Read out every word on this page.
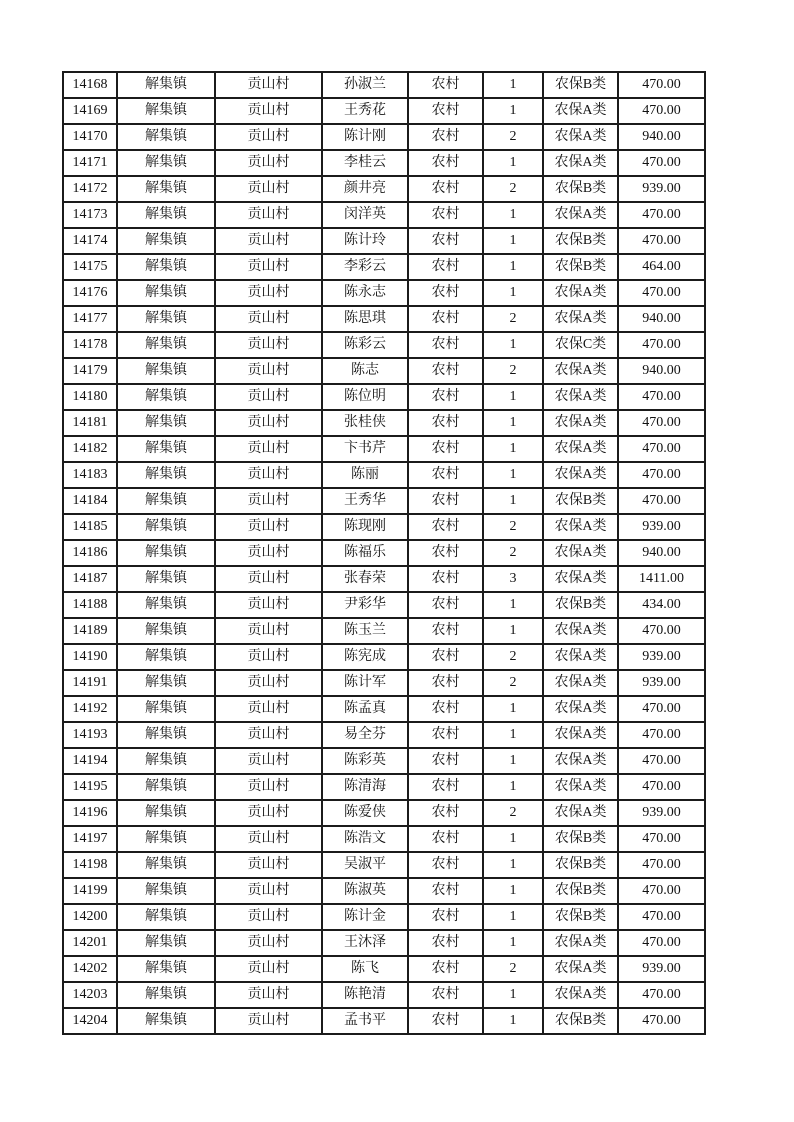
14168	解集镇	贡山村	孙淑兰	农村	1	农保B类	470.00
14169	解集镇	贡山村	王秀花	农村	1	农保A类	470.00
14170	解集镇	贡山村	陈计刚	农村	2	农保A类	940.00
14171	解集镇	贡山村	李桂云	农村	1	农保A类	470.00
14172	解集镇	贡山村	颜井亮	农村	2	农保B类	939.00
14173	解集镇	贡山村	闵洋英	农村	1	农保A类	470.00
14174	解集镇	贡山村	陈计玲	农村	1	农保B类	470.00
14175	解集镇	贡山村	李彩云	农村	1	农保B类	464.00
14176	解集镇	贡山村	陈永志	农村	1	农保A类	470.00
14177	解集镇	贡山村	陈思琪	农村	2	农保A类	940.00
14178	解集镇	贡山村	陈彩云	农村	1	农保C类	470.00
14179	解集镇	贡山村	陈志	农村	2	农保A类	940.00
14180	解集镇	贡山村	陈位明	农村	1	农保A类	470.00
14181	解集镇	贡山村	张桂侠	农村	1	农保A类	470.00
14182	解集镇	贡山村	卞书芹	农村	1	农保A类	470.00
14183	解集镇	贡山村	陈丽	农村	1	农保A类	470.00
14184	解集镇	贡山村	王秀华	农村	1	农保B类	470.00
14185	解集镇	贡山村	陈现刚	农村	2	农保A类	939.00
14186	解集镇	贡山村	陈福乐	农村	2	农保A类	940.00
14187	解集镇	贡山村	张春荣	农村	3	农保A类	1411.00
14188	解集镇	贡山村	尹彩华	农村	1	农保B类	434.00
14189	解集镇	贡山村	陈玉兰	农村	1	农保A类	470.00
14190	解集镇	贡山村	陈宪成	农村	2	农保A类	939.00
14191	解集镇	贡山村	陈计军	农村	2	农保A类	939.00
14192	解集镇	贡山村	陈孟真	农村	1	农保A类	470.00
14193	解集镇	贡山村	易全芬	农村	1	农保A类	470.00
14194	解集镇	贡山村	陈彩英	农村	1	农保A类	470.00
14195	解集镇	贡山村	陈清海	农村	1	农保A类	470.00
14196	解集镇	贡山村	陈爱侠	农村	2	农保A类	939.00
14197	解集镇	贡山村	陈浩文	农村	1	农保B类	470.00
14198	解集镇	贡山村	吴淑平	农村	1	农保B类	470.00
14199	解集镇	贡山村	陈淑英	农村	1	农保B类	470.00
14200	解集镇	贡山村	陈计金	农村	1	农保B类	470.00
14201	解集镇	贡山村	王沐泽	农村	1	农保A类	470.00
14202	解集镇	贡山村	陈飞	农村	2	农保A类	939.00
14203	解集镇	贡山村	陈艳清	农村	1	农保A类	470.00
14204	解集镇	贡山村	孟书平	农村	1	农保B类	470.00
